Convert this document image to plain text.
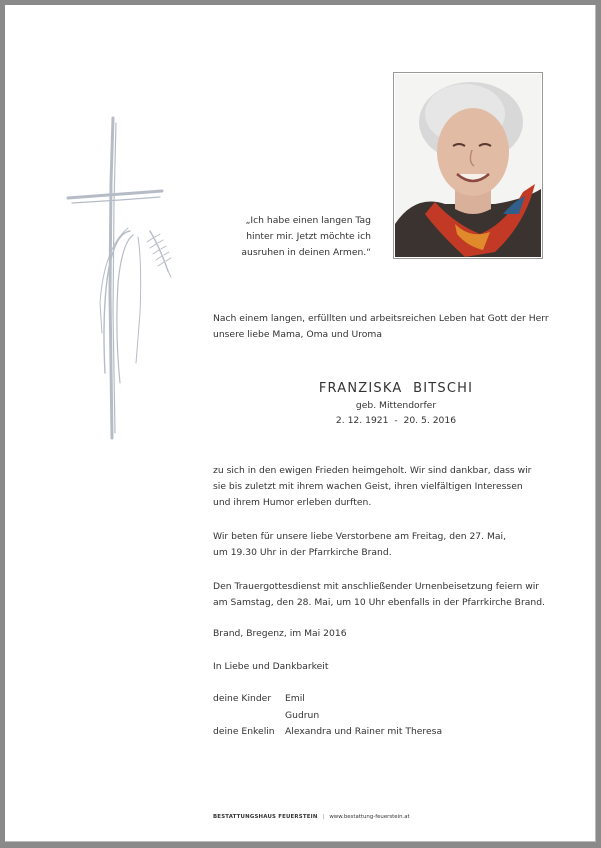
„Ich habe einen langen Tag
hinter mir. Jetzt möchte ich
ausruhen in deinen Armen.“
Nach einem langen, erfüllten und arbeitsreichen Leben hat Gott der Herr
unsere liebe Mama, Oma und Uroma
FRANZISKA  BITSCHI
geb. Mittendorfer
2. 12. 1921  -  20. 5. 2016
zu sich in den ewigen Frieden heimgeholt. Wir sind dankbar, dass wir
sie bis zuletzt mit ihrem wachen Geist, ihren vielfältigen Interessen
und ihrem Humor erleben durften.
Wir beten für unsere liebe Verstorbene am Freitag, den 27. Mai,
um 19.30 Uhr in der Pfarrkirche Brand.
Den Trauergottesdienst mit anschließender Urnenbeisetzung feiern wir
am Samstag, den 28. Mai, um 10 Uhr ebenfalls in der Pfarrkirche Brand.
Brand, Bregenz, im Mai 2016
In Liebe und Dankbarkeit
deine Kinder	Emil
Gudrun
deine Enkelin	Alexandra und Rainer mit Theresa
BESTATTUNGSHAUS FEUERSTEIN | www.bestattung-feuerstein.at
